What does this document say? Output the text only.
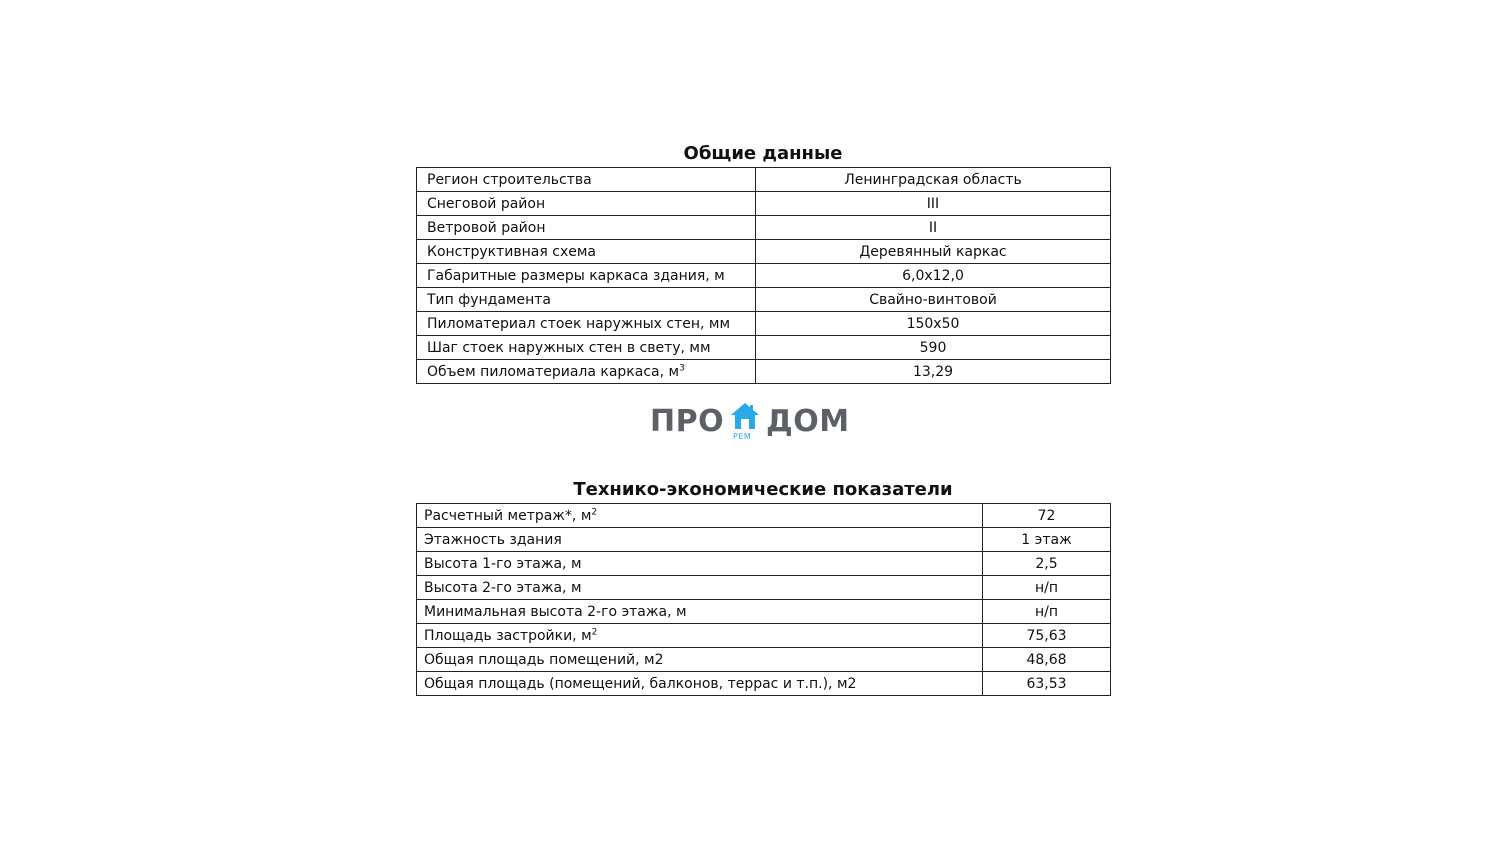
Общие данные
Регион строительства	Ленинградская область
Снеговой район	III
Ветровой район	II
Конструктивная схема	Деревянный каркас
Габаритные размеры каркаса здания, м	6,0х12,0
Тип фундамента	Свайно-винтовой
Пиломатериал стоек наружных стен, мм	150х50
Шаг стоек наружных стен в свету, мм	590
Объем пиломатериала каркаса, $м^3$	13,29
ПРО РЕМ ДОМ
Технико-экономические показатели
Расчетный метраж*, $м^2$	72
Этажность здания	1 этаж
Высота 1-го этажа, м	2,5
Высота 2-го этажа, м	н/п
Минимальная высота 2-го этажа, м	н/п
Площадь застройки, $м^2$	75,63
Общая площадь помещений, м2	48,68
Общая площадь (помещений, балконов, террас и т.п.), м2	63,53
